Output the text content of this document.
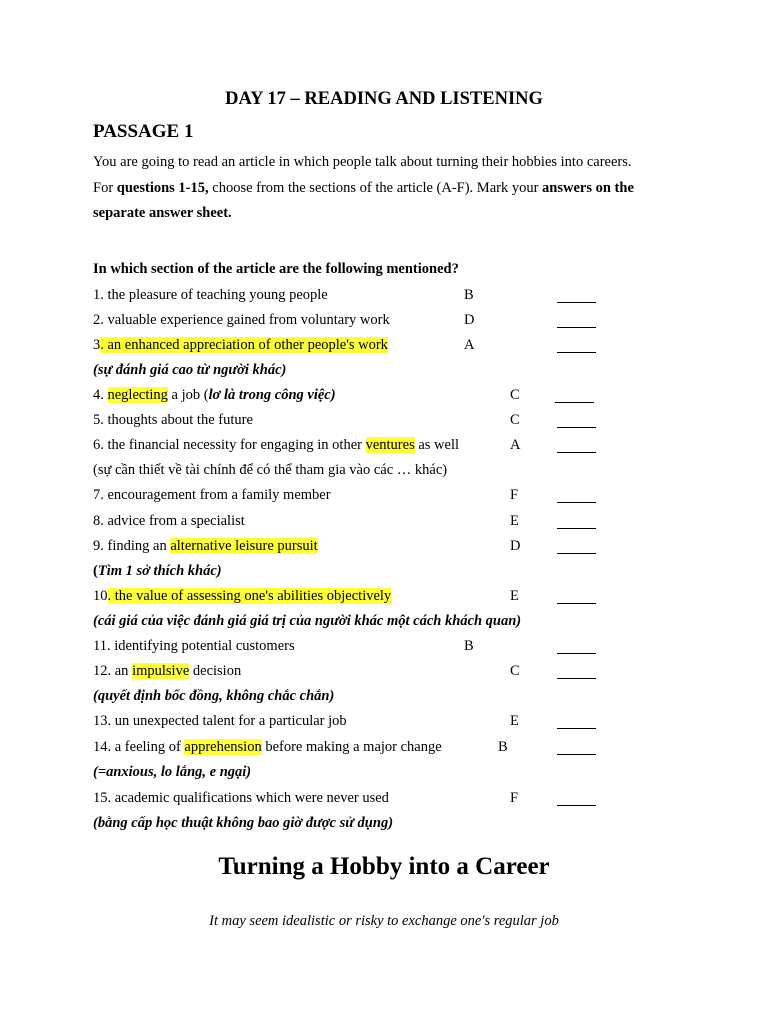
DAY 17 – READING AND LISTENING
PASSAGE 1
You are going to read an article in which people talk about turning their hobbies into careers.
For questions 1-15, choose from the sections of the article (A-F). Mark your answers on the
separate answer sheet.
In which section of the article are the following mentioned?
1. the pleasure of teaching young people	B
2. valuable experience gained from voluntary work	D
3. an enhanced appreciation of other people's work	A
(sự đánh giá cao từ người khác)
4. neglecting a job (lơ là trong công việc)	C
5. thoughts about the future	C
6. the financial necessity for engaging in other ventures as well	A
(sự cần thiết về tài chính để có thể tham gia vào các … khác)
7. encouragement from a family member	F
8. advice from a specialist	E
9. finding an alternative leisure pursuit	D
(Tìm 1 sở thích khác)
10. the value of assessing one's abilities objectively	E
(cái giá của việc đánh giá giá trị của người khác một cách khách quan)
11. identifying potential customers	B
12. an impulsive decision	C
(quyết định bốc đồng, không chắc chắn)
13. un unexpected talent for a particular job	E
14. a feeling of apprehension before making a major change	B
(=anxious, lo lắng, e ngại)
15. academic qualifications which were never used	F
(bằng cấp học thuật không bao giờ được sử dụng)
Turning a Hobby into a Career
It may seem idealistic or risky to exchange one's regular job
